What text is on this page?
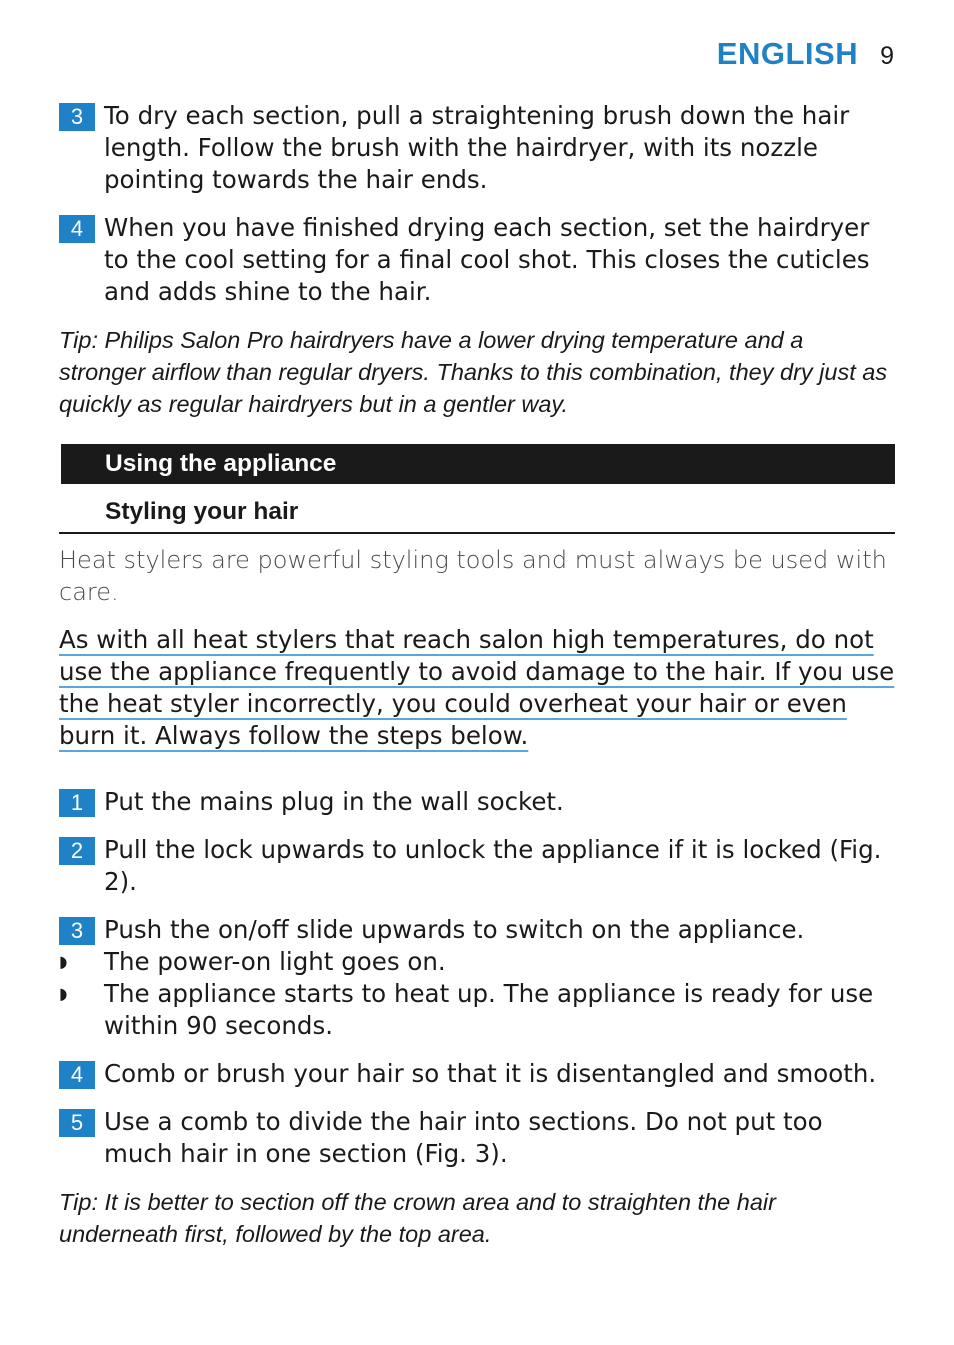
ENGLISH 9
3 To dry each section, pull a straightening brush down the hair length. Follow the brush with the hairdryer, with its nozzle pointing towards the hair ends.
4 When you have finished drying each section, set the hairdryer to the cool setting for a final cool shot. This closes the cuticles and adds shine to the hair.
Tip: Philips Salon Pro hairdryers have a lower drying temperature and a stronger airflow than regular dryers. Thanks to this combination, they dry just as quickly as regular hairdryers but in a gentler way.
Using the appliance
Styling your hair
Heat stylers are powerful styling tools and must always be used with care.
As with all heat stylers that reach salon high temperatures, do not use the appliance frequently to avoid damage to the hair. If you use the heat styler incorrectly, you could overheat your hair or even burn it. Always follow the steps below.
1 Put the mains plug in the wall socket.
2 Pull the lock upwards to unlock the appliance if it is locked (Fig. 2).
3 Push the on/off slide upwards to switch on the appliance.
◗	The power-on light goes on.
◗	The appliance starts to heat up. The appliance is ready for use within 90 seconds.
4 Comb or brush your hair so that it is disentangled and smooth.
5 Use a comb to divide the hair into sections. Do not put too much hair in one section (Fig. 3).
Tip: It is better to section off the crown area and to straighten the hair underneath first, followed by the top area.
